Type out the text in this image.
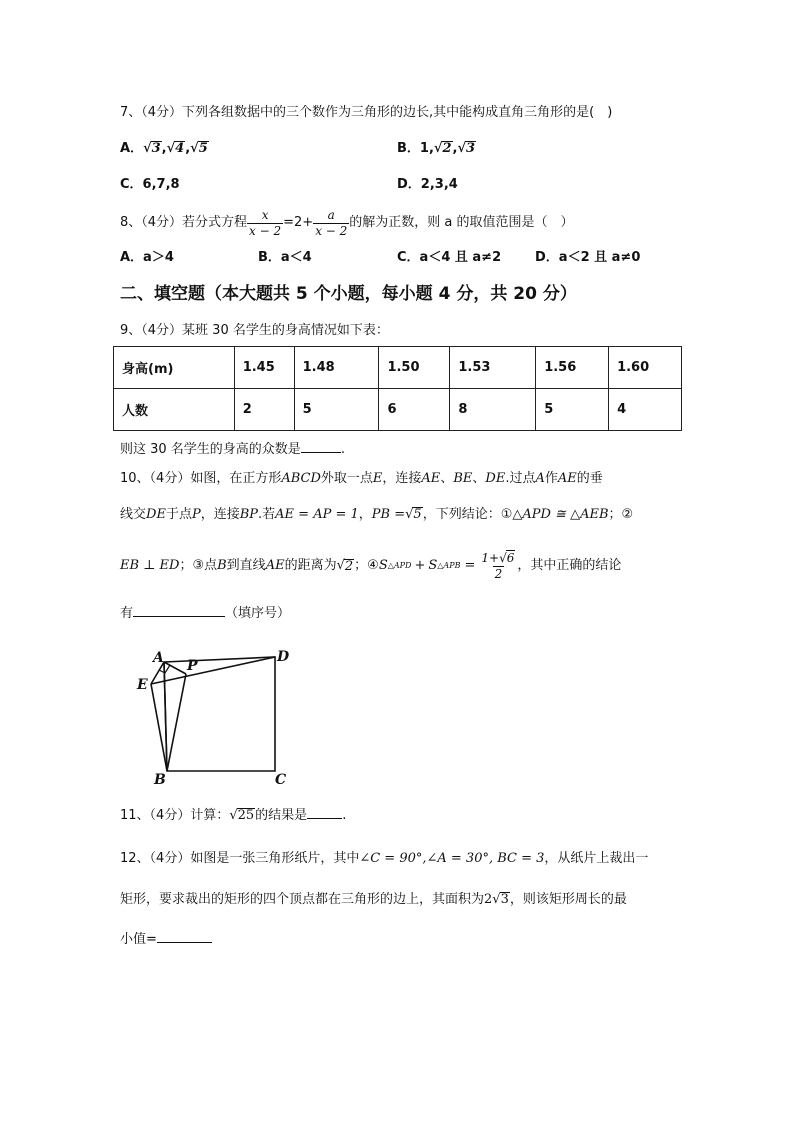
7、（4分）下列各组数据中的三个数作为三角形的边长,其中能构成直角三角形的是(　)
A．√3,√4,√5	B．1,√2,√3
C．6,7,8	D．2,3,4
8、（4分）若分式方程 $\frac{x}{x - 2} =2+ \frac{a}{x - 2}$ 的解为正数，则 a 的取值范围是（　）
A．a＞4	B．a＜4	C．a＜4 且 a≠2	D．a＜2 且 a≠0
二、填空题（本大题共 5 个小题，每小题 4 分，共 20 分）
9、（4分）某班 30 名学生的身高情况如下表：
身高(m)	1.45	1.48	1.50	1.53	1.56	1.60
人数	2	5	6	8	5	4
则这 30 名学生的身高的众数是	.
10、（4分）如图，在正方形ABCD外取一点E，连接AE、BE、DE.过点A作AE的垂
线交DE于点P，连接BP.若AE = AP = 1，PB =√5，下列结论：①△APD ≅ △AEB；②
EB ⊥ ED ；③点 B 到直线 AE 的距离为 √ 2 ；④ S △APD + S △APB = $\frac{1+√6}{2}$ ，其中正确的结论
有	（填序号）
A P
D
E
B	C
11、（4分）计算：√25的结果是	.
12、（4分）如图是一张三角形纸片，其中∠C = 90°,∠A = 30°, BC = 3，从纸片上裁出一
矩形，要求裁出的矩形的四个顶点都在三角形的边上，其面积为2√3，则该矩形周长的最
小值=
